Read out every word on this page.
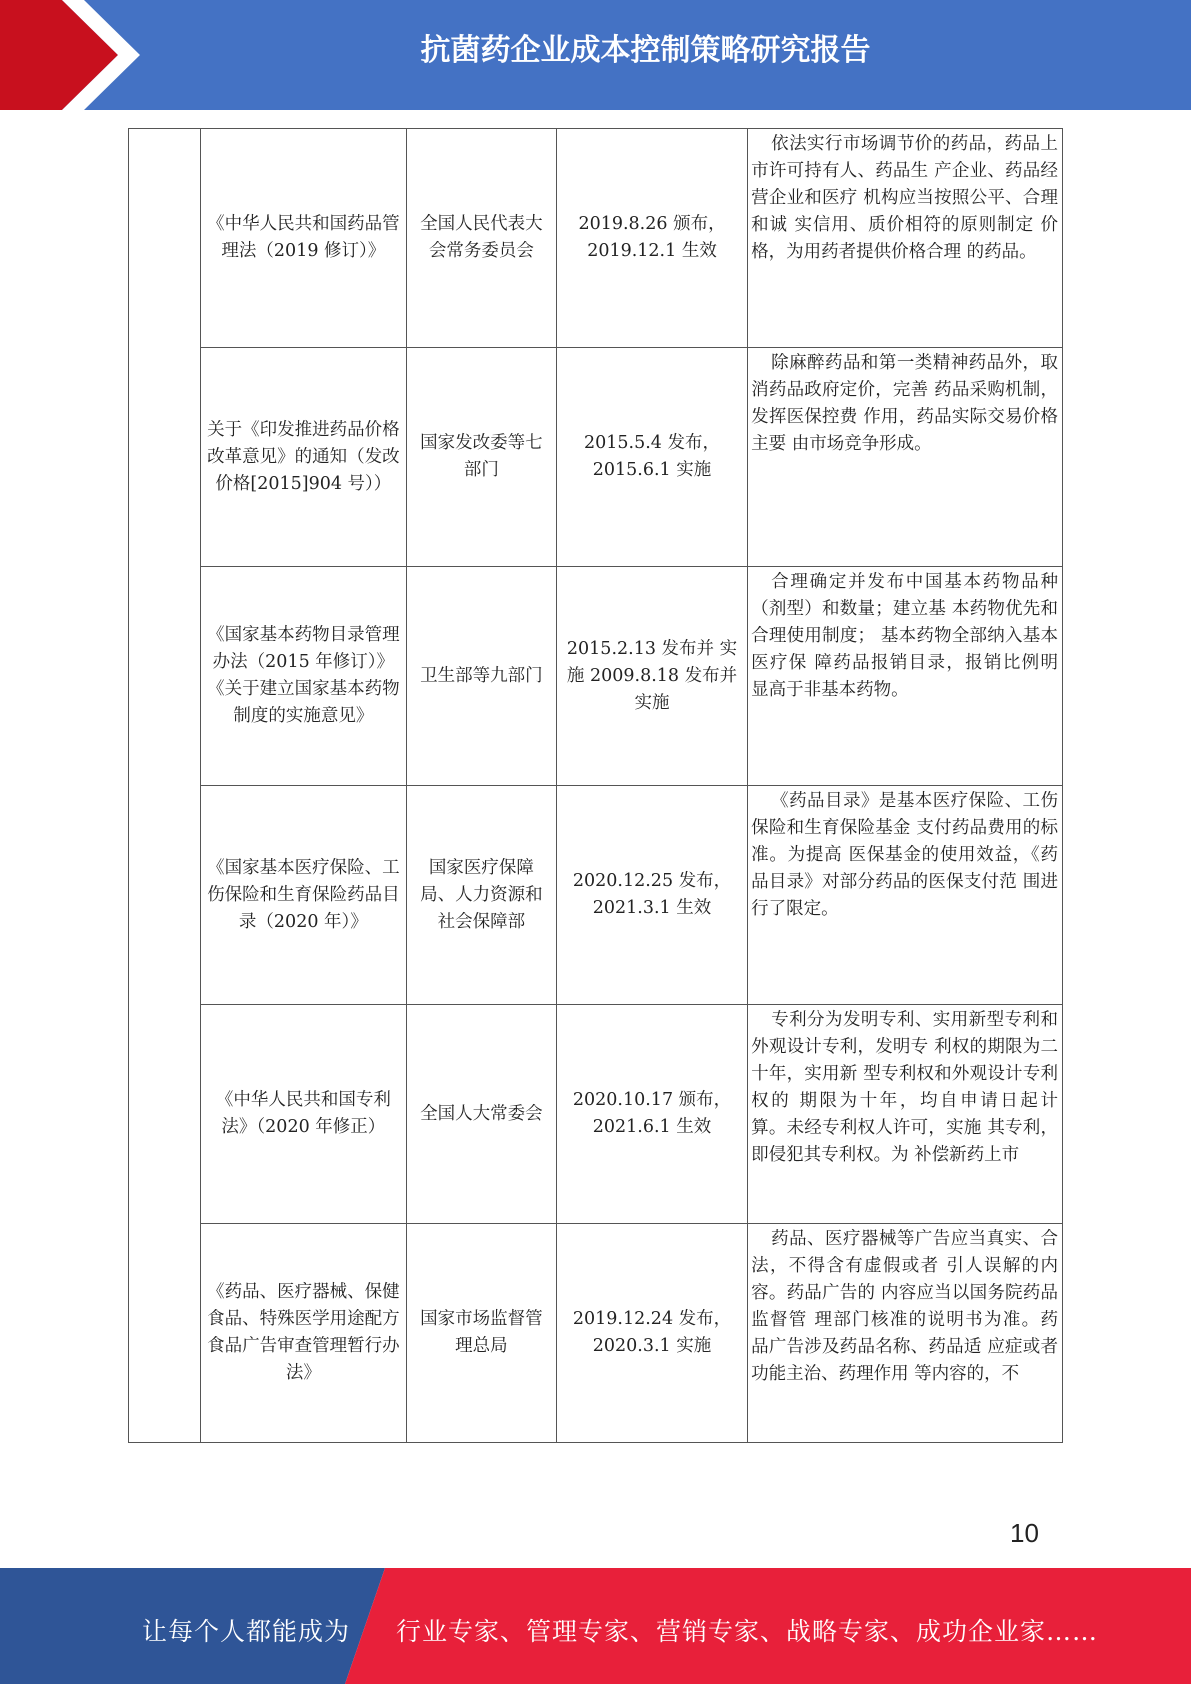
抗菌药企业成本控制策略研究报告
	《中华人民共和国药品管理法（2019 修订）》	全国人民代表大会常务委员会	2019.8.26 颁布，2019.12.1 生效	依法实行市场调节价的药品，药品上市许可持有人、药品生 产企业、药品经营企业和医疗 机构应当按照公平、合理和诚 实信用、质价相符的原则制定 价格，为用药者提供价格合理 的药品。

	关于《印发推进药品价格改革意见》的通知（发改价格[2015]904 号））	国家发改委等七部门	2015.5.4 发布，2015.6.1 实施	除麻醉药品和第一类精神药品外，取消药品政府定价，完善 药品采购机制，发挥医保控费 作用，药品实际交易价格主要 由市场竞争形成。

	《国家基本药物目录管理办法（2015 年修订）》《关于建立国家基本药物制度的实施意见》	卫生部等九部门	2015.2.13 发布并 实施 2009.8.18 发布并 实施	合理确定并发布中国基本药物品种（剂型）和数量；建立基 本药物优先和合理使用制度； 基本药物全部纳入基本医疗保 障药品报销目录，报销比例明 显高于非基本药物。

	《国家基本医疗保险、工伤保险和生育保险药品目录（2020 年）》	国家医疗保障局、人力资源和社会保障部	2020.12.25 发布，2021.3.1 生效	《药品目录》是基本医疗保险、工伤保险和生育保险基金 支付药品费用的标准。为提高 医保基金的使用效益，《药品目录》对部分药品的医保支付范 围进行了限定。

	《中华人民共和国专利法》（2020 年修正）	全国人大常委会	2020.10.17 颁布，2021.6.1 生效	专利分为发明专利、实用新型专利和外观设计专利，发明专 利权的期限为二十年，实用新 型专利权和外观设计专利权的 期限为十年，均自申请日起计 算。未经专利权人许可，实施 其专利，即侵犯其专利权。为 补偿新药上市

	《药品、医疗器械、保健食品、特殊医学用途配方食品广告审查管理暂行办法》	国家市场监督管理总局	2019.12.24 发布，2020.3.1 实施	药品、医疗器械等广告应当真实、合法，不得含有虚假或者 引人误解的内容。药品广告的 内容应当以国务院药品监督管 理部门核准的说明书为准。药 品广告涉及药品名称、药品适 应症或者功能主治、药理作用 等内容的，不
10
让每个人都能成为 行业专家、管理专家、营销专家、战略专家、成功企业家……
